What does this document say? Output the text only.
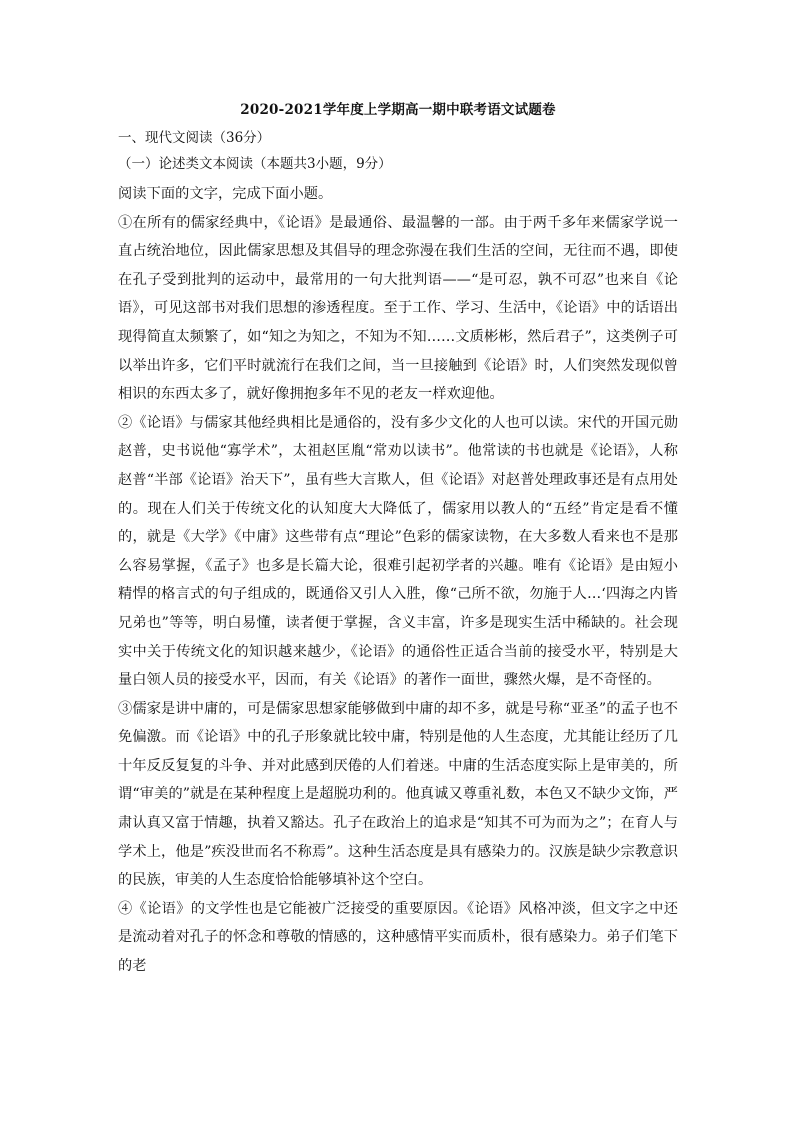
2020-2021学年度上学期高一期中联考语文试题卷
一、现代文阅读（36分）
（一）论述类文本阅读（本题共3小题，9分）

阅读下面的文字，完成下面小题。

①在所有的儒家经典中，《论语》是最通俗、最温馨的一部。由于两千多年来儒家学说一直占统治地位，因此儒家思想及其倡导的理念弥漫在我们生活的空间，无往而不遇，即使在孔子受到批判的运动中，最常用的一句大批判语——“是可忍，孰不可忍”也来自《论语》，可见这部书对我们思想的渗透程度。至于工作、学习、生活中，《论语》中的话语出现得简直太频繁了，如“知之为知之，不知为不知……文质彬彬，然后君子”，这类例子可以举出许多，它们平时就流行在我们之间，当一旦接触到《论语》时，人们突然发现似曾相识的东西太多了，就好像拥抱多年不见的老友一样欢迎他。

②《论语》与儒家其他经典相比是通俗的，没有多少文化的人也可以读。宋代的开国元勋赵普，史书说他“寡学术”，太祖赵匡胤“常劝以读书”。他常读的书也就是《论语》，人称赵普“半部《论语》治天下”，虽有些大言欺人，但《论语》对赵普处理政事还是有点用处的。现在人们关于传统文化的认知度大大降低了，儒家用以教人的“五经”肯定是看不懂的，就是《大学》《中庸》这些带有点“理论”色彩的儒家读物，在大多数人看来也不是那么容易掌握，《孟子》也多是长篇大论，很难引起初学者的兴趣。唯有《论语》是由短小精悍的格言式的句子组成的，既通俗又引人入胜，像“己所不欲，勿施于人…‘四海之内皆兄弟也”等等，明白易懂，读者便于掌握，含义丰富，许多是现实生活中稀缺的。社会现实中关于传统文化的知识越来越少，《论语》的通俗性正适合当前的接受水平，特别是大量白领人员的接受水平，因而，有关《论语》的著作一面世，骤然火爆，是不奇怪的。

③儒家是讲中庸的，可是儒家思想家能够做到中庸的却不多，就是号称“亚圣”的孟子也不免偏激。而《论语》中的孔子形象就比较中庸，特别是他的人生态度，尤其能让经历了几十年反反复复的斗争、并对此感到厌倦的人们着迷。中庸的生活态度实际上是审美的，所谓“审美的”就是在某种程度上是超脱功利的。他真诚又尊重礼数，本色又不缺少文饰，严肃认真又富于情趣，执着又豁达。孔子在政治上的追求是“知其不可为而为之”；在育人与学术上，他是”疾没世而名不称焉”。这种生活态度是具有感染力的。汉族是缺少宗教意识的民族，审美的人生态度恰恰能够填补这个空白。

④《论语》的文学性也是它能被广泛接受的重要原因。《论语》风格冲淡，但文字之中还是流动着对孔子的怀念和尊敬的情感的，这种感情平实而质朴，很有感染力。弟子们笔下的老
